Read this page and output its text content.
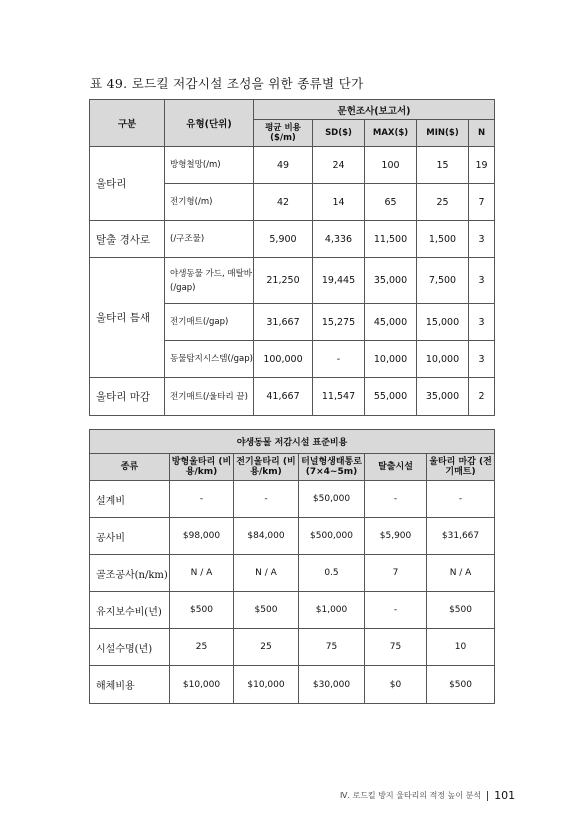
표 49. 로드킬 저감시설 조성을 위한 종류별 단가
구분	유형(단위)	문헌조사(보고서)				
		평균 비용 ($/m)	SD($)	MAX($)	MIN($)	N
울타리	방형철망(/m)	49	24	100	15	19
	전기형(/m)	42	14	65	25	7
탈출 경사로	(/구조물)	5,900	4,336	11,500	1,500	3
울타리 틈새	야생동물 가드, 매탈바(/gap)	21,250	19,445	35,000	7,500	3
	전기매트(/gap)	31,667	15,275	45,000	15,000	3
	동물탐지시스템(/gap)	100,000	-	10,000	10,000	3
울타리 마감	전기매트(/울타리 끝)	41,667	11,547	55,000	35,000	2
야생동물 저감시설 표준비용					
종류	방형울타리 (비용/km)	전기울타리 (비용/km)	터널형생태통로 (7×4~5m)	탈출시설	울타리 마감 (전기매트)
설계비	-	-	$50,000	-	-
공사비	$98,000	$84,000	$500,000	$5,900	$31,667
골조공사(n/km)	N / A	N / A	0.5	7	N / A
유지보수비(년)	$500	$500	$1,000	-	$500
시설수명(년)	25	25	75	75	10
해체비용	$10,000	$10,000	$30,000	$0	$500
Ⅳ. 로드킬 방지 울타리의 적정 높이 분석 101
